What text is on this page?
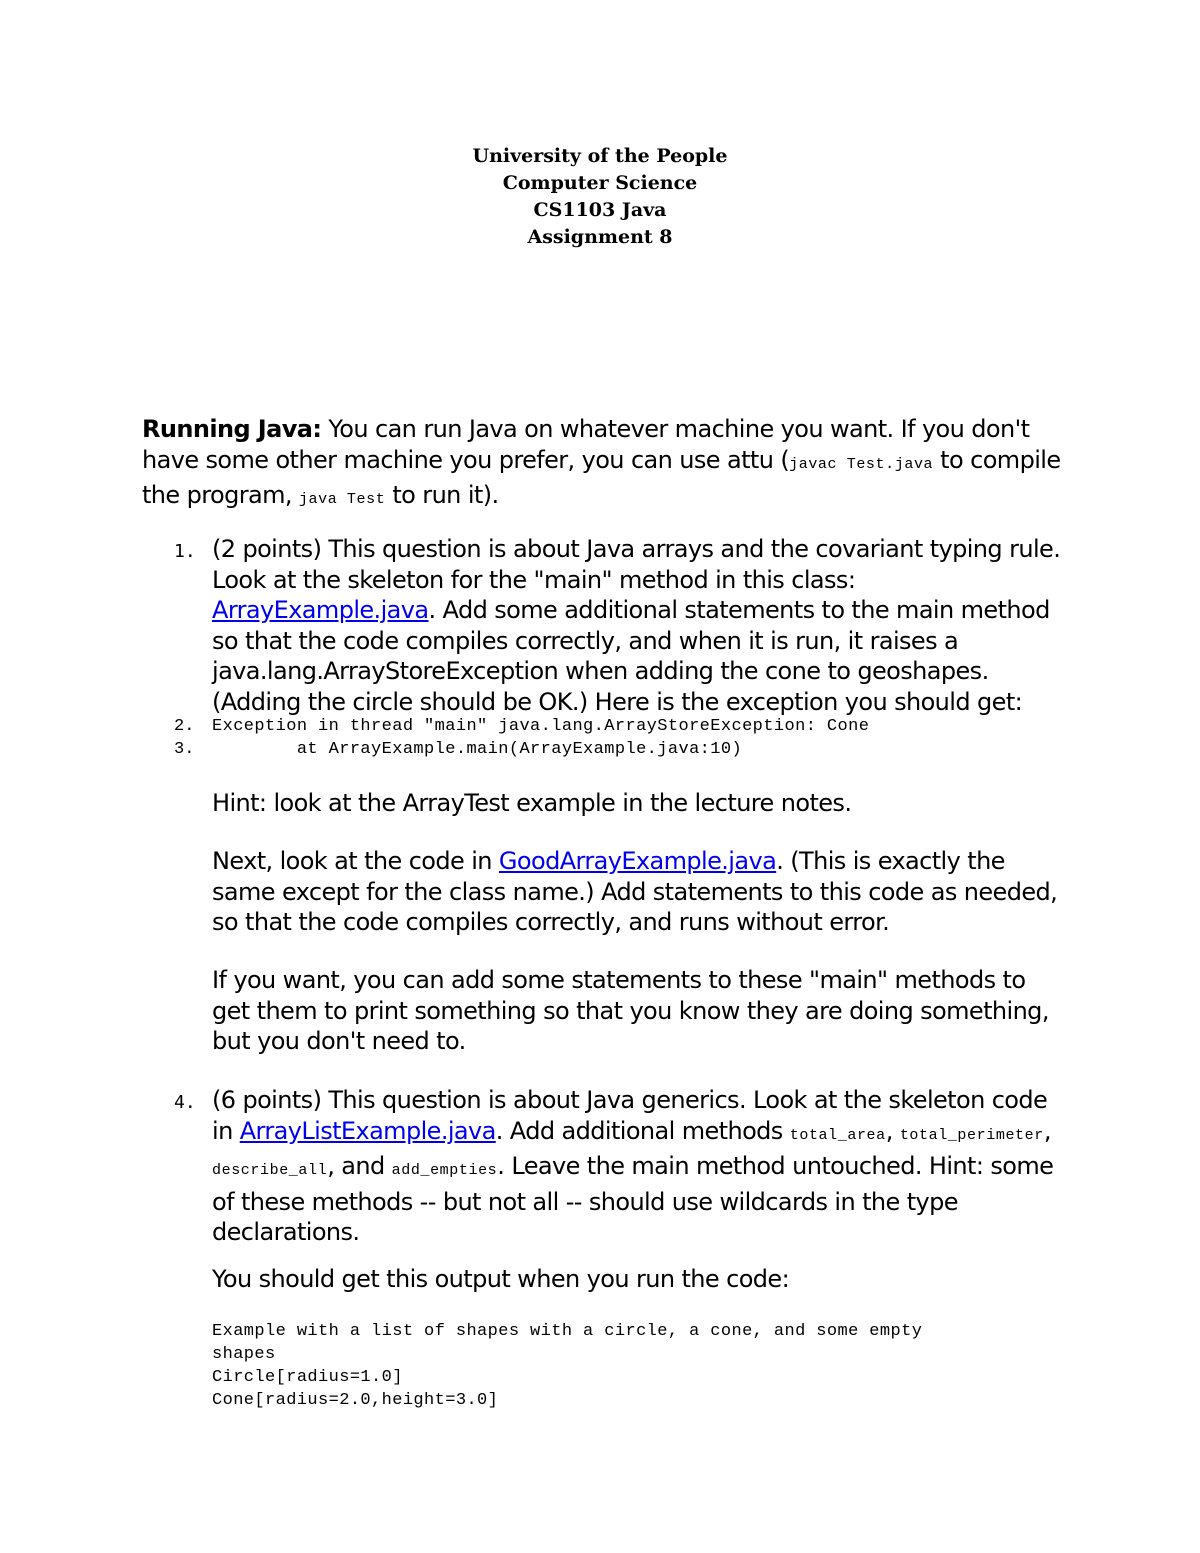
University of the People
Computer Science
CS1103 Java
Assignment 8
Running Java: You can run Java on whatever machine you want. If you don't have some other machine you prefer, you can use attu (javac Test.java to compile the program, java Test to run it).
1. (2 points) This question is about Java arrays and the covariant typing rule. Look at the skeleton for the "main" method in this class: ArrayExample.java. Add some additional statements to the main method so that the code compiles correctly, and when it is run, it raises a java.lang.ArrayStoreException when adding the cone to geoshapes. (Adding the circle should be OK.) Here is the exception you should get:
2. Exception in thread "main" java.lang.ArrayStoreException: Cone
3. at ArrayExample.main(ArrayExample.java:10)
Hint: look at the ArrayTest example in the lecture notes.
Next, look at the code in GoodArrayExample.java. (This is exactly the same except for the class name.) Add statements to this code as needed, so that the code compiles correctly, and runs without error.
If you want, you can add some statements to these "main" methods to get them to print something so that you know they are doing something, but you don't need to.
4. (6 points) This question is about Java generics. Look at the skeleton code in ArrayListExample.java. Add additional methods total_area, total_perimeter, describe_all, and add_empties. Leave the main method untouched. Hint: some of these methods -- but not all -- should use wildcards in the type declarations.
You should get this output when you run the code:
Example with a list of shapes with a circle, a cone, and some empty
shapes
Circle[radius=1.0]
Cone[radius=2.0,height=3.0]
